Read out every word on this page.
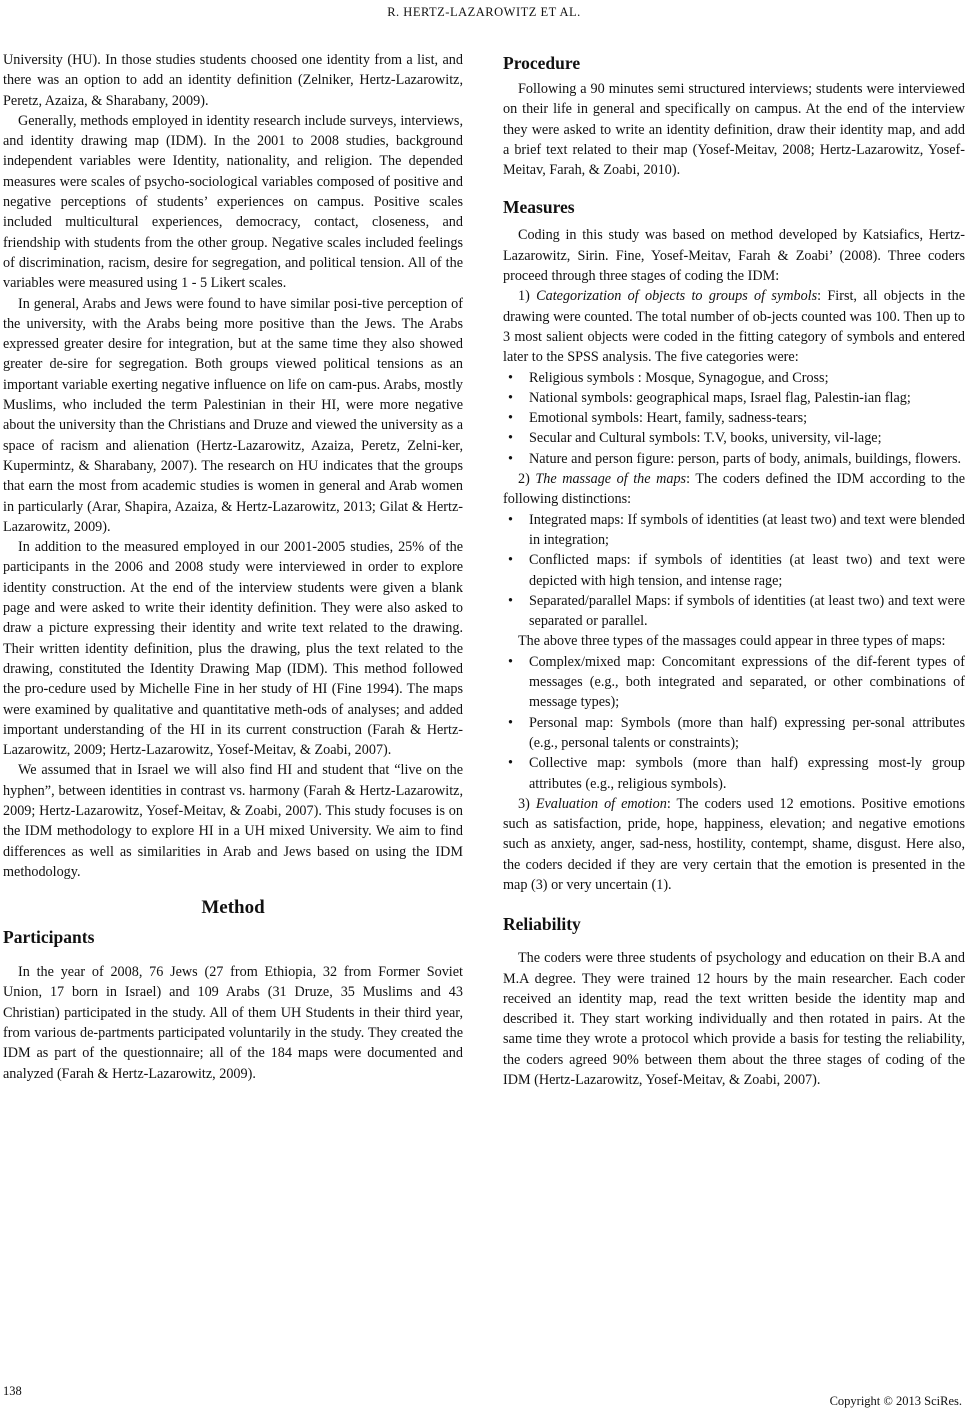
R. HERTZ-LAZAROWITZ ET AL.

University (HU). In those studies students choosed one identity from a list, and there was an option to add an identity definition (Zelniker, Hertz-Lazarowitz, Peretz, Azaiza, & Sharabany, 2009).

Generally, methods employed in identity research include surveys, interviews, and identity drawing map (IDM). In the 2001 to 2008 studies, background independent variables were Identity, nationality, and religion. The depended measures were scales of psycho-sociological variables composed of positive and negative perceptions of students’ experiences on campus. Positive scales included multicultural experiences, democracy, contact, closeness, and friendship with students from the other group. Negative scales included feelings of discrimination, racism, desire for segregation, and political tension. All of the variables were measured using 1 - 5 Likert scales.

In general, Arabs and Jews were found to have similar posi-tive perception of the university, with the Arabs being more positive than the Jews. The Arabs expressed greater desire for integration, but at the same time they also showed greater de-sire for segregation. Both groups viewed political tensions as an important variable exerting negative influence on life on cam-pus. Arabs, mostly Muslims, who included the term Palestinian in their HI, were more negative about the university than the Christians and Druze and viewed the university as a space of racism and alienation (Hertz-Lazarowitz, Azaiza, Peretz, Zelni-ker, Kupermintz, & Sharabany, 2007). The research on HU indicates that the groups that earn the most from academic studies is women in general and Arab women in particularly (Arar, Shapira, Azaiza, & Hertz-Lazarowitz, 2013; Gilat & Hertz-Lazarowitz, 2009).

In addition to the measured employed in our 2001-2005 studies, 25% of the participants in the 2006 and 2008 study were interviewed in order to explore identity construction. At the end of the interview students were given a blank page and were asked to write their identity definition. They were also asked to draw a picture expressing their identity and write text related to the drawing. Their written identity definition, plus the drawing, plus the text related to the drawing, constituted the Identity Drawing Map (IDM). This method followed the pro-cedure used by Michelle Fine in her study of HI (Fine 1994). The maps were examined by qualitative and quantitative meth-ods of analyses; and added important understanding of the HI in its current construction (Farah & Hertz-Lazarowitz, 2009; Hertz-Lazarowitz, Yosef-Meitav, & Zoabi, 2007).

We assumed that in Israel we will also find HI and student that “live on the hyphen”, between identities in contrast vs. harmony (Farah & Hertz-Lazarowitz, 2009; Hertz-Lazarowitz, Yosef-Meitav, & Zoabi, 2007). This study focuses is on the IDM methodology to explore HI in a UH mixed University. We aim to find differences as well as similarities in Arab and Jews based on using the IDM methodology.

Method
Participants

In the year of 2008, 76 Jews (27 from Ethiopia, 32 from Former Soviet Union, 17 born in Israel) and 109 Arabs (31 Druze, 35 Muslims and 43 Christian) participated in the study. All of them UH Students in their third year, from various de-partments participated voluntarily in the study. They created the IDM as part of the questionnaire; all of the 184 maps were documented and analyzed (Farah & Hertz-Lazarowitz, 2009).

Procedure

Following a 90 minutes semi structured interviews; students were interviewed on their life in general and specifically on campus. At the end of the interview they were asked to write an identity definition, draw their identity map, and add a brief text related to their map (Yosef-Meitav, 2008; Hertz-Lazarowitz, Yosef-Meitav, Farah, & Zoabi, 2010).

Measures

Coding in this study was based on method developed by Katsiafics, Hertz-Lazarowitz, Sirin. Fine, Yosef-Meitav, Farah & Zoabi’ (2008). Three coders proceed through three stages of coding the IDM:

1) Categorization of objects to groups of symbols: First, all objects in the drawing were counted. The total number of ob-jects counted was 100. Then up to 3 most salient objects were coded in the fitting category of symbols and entered later to the SPSS analysis. The five categories were:

• Religious symbols : Mosque, Synagogue, and Cross;
• National symbols: geographical maps, Israel flag, Palestin-ian flag;
• Emotional symbols: Heart, family, sadness-tears;
• Secular and Cultural symbols: T.V, books, university, vil-lage;
• Nature and person figure: person, parts of body, animals, buildings, flowers.

2) The massage of the maps: The coders defined the IDM according to the following distinctions:

• Integrated maps: If symbols of identities (at least two) and text were blended in integration;
• Conflicted maps: if symbols of identities (at least two) and text were depicted with high tension, and intense rage;
• Separated/parallel Maps: if symbols of identities (at least two) and text were separated or parallel.

The above three types of the massages could appear in three types of maps:

• Complex/mixed map: Concomitant expressions of the dif-ferent types of messages (e.g., both integrated and separated, or other combinations of message types);
• Personal map: Symbols (more than half) expressing per-sonal attributes (e.g., personal talents or constraints);
• Collective map: symbols (more than half) expressing most-ly group attributes (e.g., religious symbols).

3) Evaluation of emotion: The coders used 12 emotions. Positive emotions such as satisfaction, pride, hope, happiness, elevation; and negative emotions such as anxiety, anger, sad-ness, hostility, contempt, shame, disgust. Here also, the coders decided if they are very certain that the emotion is presented in the map (3) or very uncertain (1).

Reliability

The coders were three students of psychology and education on their B.A and M.A degree. They were trained 12 hours by the main researcher. Each coder received an identity map, read the text written beside the identity map and described it. They start working individually and then rotated in pairs. At the same time they wrote a protocol which provide a basis for testing the reliability, the coders agreed 90% between them about the three stages of coding of the IDM (Hertz-Lazarowitz, Yosef-Meitav, & Zoabi, 2007).

138
Copyright © 2013 SciRes.
